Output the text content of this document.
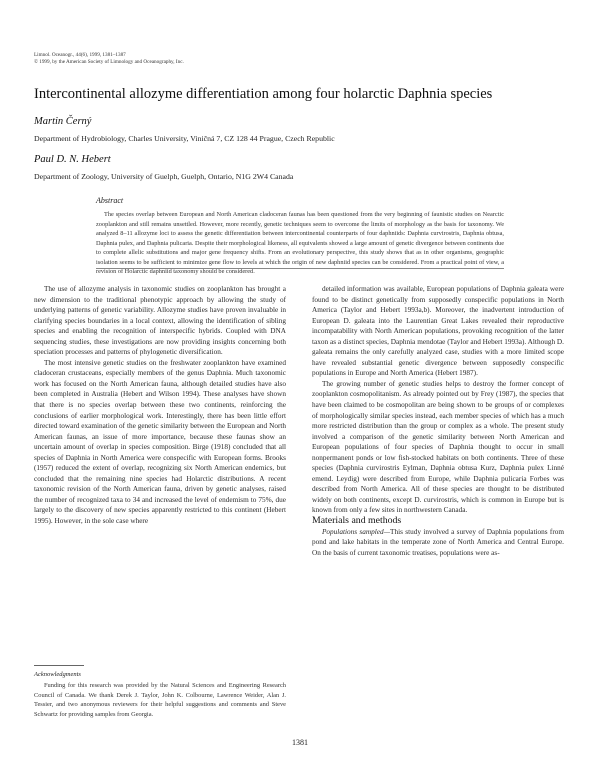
Limnol. Oceanogr., 44(6), 1999, 1381–1387
© 1999, by the American Society of Limnology and Oceanography, Inc.
Intercontinental allozyme differentiation among four holarctic Daphnia species
Martin Černý
Department of Hydrobiology, Charles University, Viničná 7, CZ 128 44 Prague, Czech Republic
Paul D. N. Hebert
Department of Zoology, University of Guelph, Guelph, Ontario, N1G 2W4 Canada
Abstract
The species overlap between European and North American cladoceran faunas has been questioned from the very beginning of faunistic studies on Nearctic zooplankton and still remains unsettled. However, more recently, genetic techniques seem to overcome the limits of morphology as the basis for taxonomy. We analyzed 8–11 allozyme loci to assess the genetic differentiation between intercontinental counterparts of four daphniids: Daphnia curvirostris, Daphnia obtusa, Daphnia pulex, and Daphnia pulicaria. Despite their morphological likeness, all equivalents showed a large amount of genetic divergence between continents due to complete allelic substitutions and major gene frequency shifts. From an evolutionary perspective, this study shows that as in other organisms, geographic isolation seems to be sufficient to minimize gene flow to levels at which the origin of new daphniid species can be considered. From a practical point of view, a revision of Holarctic daphniid taxonomy should be considered.

The use of allozyme analysis in taxonomic studies on zooplankton has brought a new dimension to the traditional phenotypic approach by allowing the study of underlying patterns of genetic variability. Allozyme studies have proven invaluable in clarifying species boundaries in a local context, allowing the identification of sibling species and enabling the recognition of interspecific hybrids. Coupled with DNA sequencing studies, these investigations are now providing insights concerning both speciation processes and patterns of phylogenetic diversification.

The most intensive genetic studies on the freshwater zooplankton have examined cladoceran crustaceans, especially members of the genus Daphnia. Much taxonomic work has focused on the North American fauna, although detailed studies have also been completed in Australia (Hebert and Wilson 1994). These analyses have shown that there is no species overlap between these two continents, reinforcing the conclusions of earlier morphological work. Interestingly, there has been little effort directed toward examination of the genetic similarity between the European and North American faunas, an issue of more importance, because these faunas show an uncertain amount of overlap in species composition. Birge (1918) concluded that all species of Daphnia in North America were conspecific with European forms. Brooks (1957) reduced the extent of overlap, recognizing six North American endemics, but concluded that the remaining nine species had Holarctic distributions. A recent taxonomic revision of the North American fauna, driven by genetic analyses, raised the number of recognized taxa to 34 and increased the level of endemism to 75%, due largely to the discovery of new species apparently restricted to this continent (Hebert 1995). However, in the sole case where

detailed information was available, European populations of Daphnia galeata were found to be distinct genetically from supposedly conspecific populations in North America (Taylor and Hebert 1993a,b). Moreover, the inadvertent introduction of European D. galeata into the Laurentian Great Lakes revealed their reproductive incompatability with North American populations, provoking recognition of the latter taxon as a distinct species, Daphnia mendotae (Taylor and Hebert 1993a). Although D. galeata remains the only carefully analyzed case, studies with a more limited scope have revealed substantial genetic divergence between supposedly conspecific populations in Europe and North America (Hebert 1987).

The growing number of genetic studies helps to destroy the former concept of zooplankton cosmopolitanism. As already pointed out by Frey (1987), the species that have been claimed to be cosmopolitan are being shown to be groups of or complexes of morphologically similar species instead, each member species of which has a much more restricted distribution than the group or complex as a whole. The present study involved a comparison of the genetic similarity between North American and European populations of four species of Daphnia thought to occur in small nonpermanent ponds or low fish-stocked habitats on both continents. Three of these species (Daphnia curvirostris Eylman, Daphnia obtusa Kurz, Daphnia pulex Linné emend. Leydig) were described from Europe, while Daphnia pulicaria Forbes was described from North America. All of these species are thought to be distributed widely on both continents, except D. curvirostris, which is common in Europe but is known from only a few sites in northwestern Canada.

Materials and methods

Populations sampled—This study involved a survey of Daphnia populations from pond and lake habitats in the temperate zone of North America and Central Europe. On the basis of current taxonomic treatises, populations were as-

Acknowledgments
Funding for this research was provided by the Natural Sciences and Engineering Research Council of Canada. We thank Derek J. Taylor, John K. Colbourne, Lawrence Weider, Alan J. Tessier, and two anonymous reviewers for their helpful suggestions and comments and Steve Schwartz for providing samples from Georgia.
1381
